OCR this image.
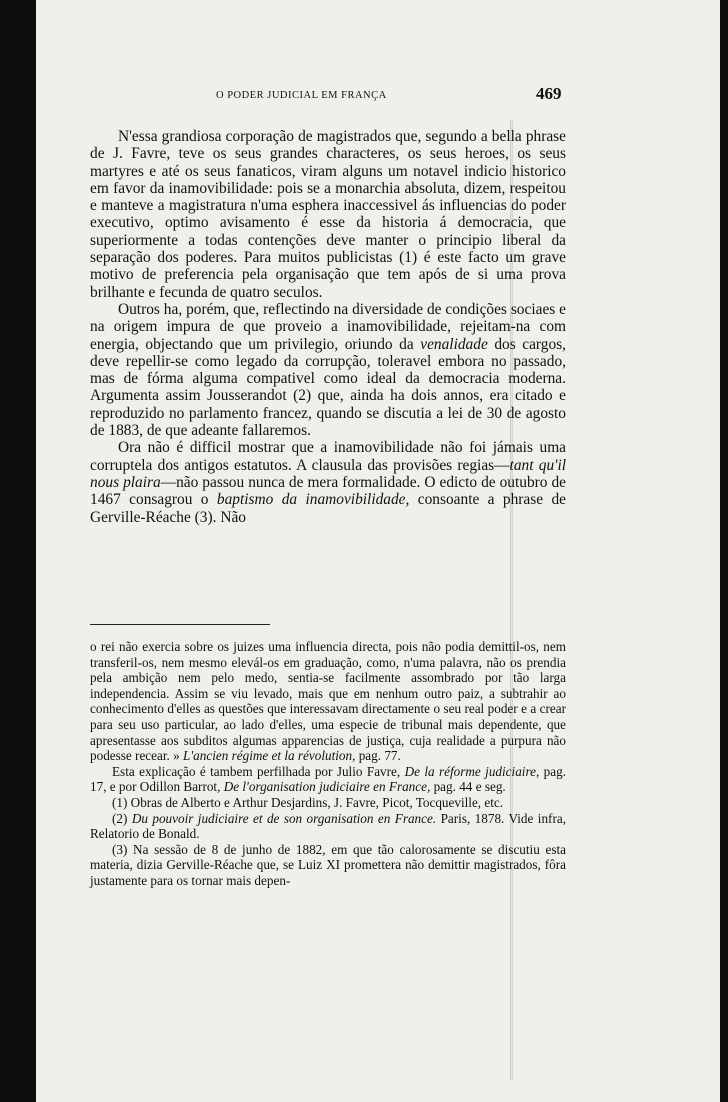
O PODER JUDICIAL EM FRANÇA	469

N'essa grandiosa corporação de magistrados que, segundo a bella phrase de J. Favre, teve os seus grandes characteres, os seus heroes, os seus martyres e até os seus fanaticos, viram alguns um notavel indicio historico em favor da inamovibilidade: pois se a monarchia absoluta, dizem, respeitou e manteve a magistratura n'uma esphera inaccessivel ás influencias do poder executivo, optimo avisamento é esse da historia á democracia, que superiormente a todas contenções deve manter o principio liberal da separação dos poderes. Para muitos publicistas (1) é este facto um grave motivo de preferencia pela organisação que tem após de si uma prova brilhante e fecunda de quatro seculos.

Outros ha, porém, que, reflectindo na diversidade de condições sociaes e na origem impura de que proveio a inamovibilidade, rejeitam-na com energia, objectando que um privilegio, oriundo da venalidade dos cargos, deve repellir-se como legado da corrupção, toleravel embora no passado, mas de fórma alguma compativel como ideal da democracia moderna. Argumenta assim Jousserandot (2) que, ainda ha dois annos, era citado e reproduzido no parlamento francez, quando se discutia a lei de 30 de agosto de 1883, de que adeante fallaremos.

Ora não é difficil mostrar que a inamovibilidade não foi jámais uma corruptela dos antigos estatutos. A clausula das provisões regias—tant qu'il nous plaira—não passou nunca de mera formalidade. O edicto de outubro de 1467 consagrou o baptismo da inamovibilidade, consoante a phrase de Gerville-Réache (3). Não

o rei não exercia sobre os juizes uma influencia directa, pois não podia demittil-os, nem transferil-os, nem mesmo elevál-os em graduação, como, n'uma palavra, não os prendia pela ambição nem pelo medo, sentia-se facilmente assombrado por tão larga independencia. Assim se viu levado, mais que em nenhum outro paiz, a subtrahir ao conhecimento d'elles as questões que interessavam directamente o seu real poder e a crear para seu uso particular, ao lado d'elles, uma especie de tribunal mais dependente, que apresentasse aos subditos algumas apparencias de justiça, cuja realidade a purpura não podesse recear. » L'ancien régime et la révolution, pag. 77.

Esta explicação é tambem perfilhada por Julio Favre, De la réforme judiciaire, pag. 17, e por Odillon Barrot, De l'organisation judiciaire en France, pag. 44 e seg.

(1) Obras de Alberto e Arthur Desjardins, J. Favre, Picot, Tocqueville, etc.

(2) Du pouvoir judiciaire et de son organisation en France. Paris, 1878. Vide infra, Relatorio de Bonald.

(3) Na sessão de 8 de junho de 1882, em que tão calorosamente se discutiu esta materia, dizia Gerville-Réache que, se Luiz XI promettera não demittir magistrados, fôra justamente para os tornar mais depen-
